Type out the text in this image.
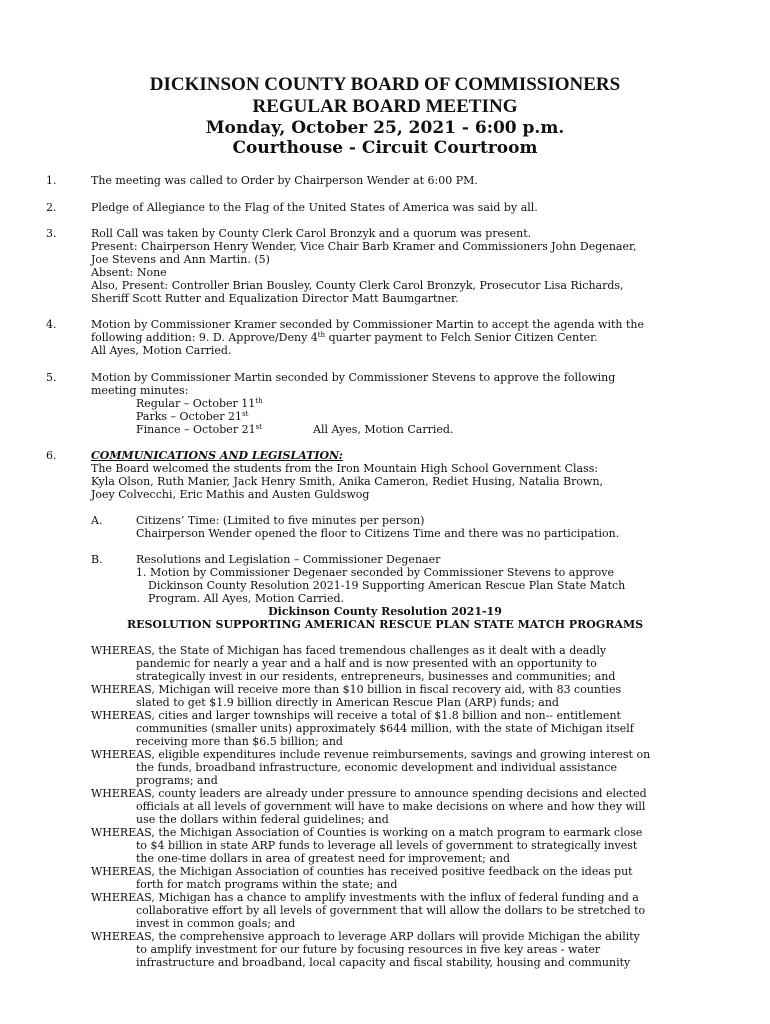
DICKINSON COUNTY BOARD OF COMMISSIONERS
REGULAR BOARD MEETING
Monday, October 25, 2021 - 6:00 p.m.
Courthouse - Circuit Courtroom
1.	The meeting was called to Order by Chairperson Wender at 6:00 PM.
2.	Pledge of Allegiance to the Flag of the United States of America was said by all.
3.	Roll Call was taken by County Clerk Carol Bronzyk and a quorum was present.
Present: Chairperson Henry Wender, Vice Chair Barb Kramer and Commissioners John Degenaer,
Joe Stevens and Ann Martin. (5)
Absent: None
Also, Present: Controller Brian Bousley, County Clerk Carol Bronzyk, Prosecutor Lisa Richards,
Sheriff Scott Rutter and Equalization Director Matt Baumgartner.
4.	Motion by Commissioner Kramer seconded by Commissioner Martin to accept the agenda with the
following addition: 9. D. Approve/Deny 4th quarter payment to Felch Senior Citizen Center.
All Ayes, Motion Carried.
5.	Motion by Commissioner Martin seconded by Commissioner Stevens to approve the following
meeting minutes:
Regular – October 11th
Parks – October 21st
Finance – October 21st	All Ayes, Motion Carried.
6.	COMMUNICATIONS AND LEGISLATION:
The Board welcomed the students from the Iron Mountain High School Government Class:
Kyla Olson, Ruth Manier, Jack Henry Smith, Anika Cameron, Rediet Husing, Natalia Brown,
Joey Colvecchi, Eric Mathis and Austen Guldswog
A.	Citizens’ Time: (Limited to five minutes per person)
Chairperson Wender opened the floor to Citizens Time and there was no participation.
B.	Resolutions and Legislation – Commissioner Degenaer
1. Motion by Commissioner Degenaer seconded by Commissioner Stevens to approve
Dickinson County Resolution 2021-19 Supporting American Rescue Plan State Match
Program. All Ayes, Motion Carried.
Dickinson County Resolution 2021-19
RESOLUTION SUPPORTING AMERICAN RESCUE PLAN STATE MATCH PROGRAMS
WHEREAS, the State of Michigan has faced tremendous challenges as it dealt with a deadly
pandemic for nearly a year and a half and is now presented with an opportunity to
strategically invest in our residents, entrepreneurs, businesses and communities; and
WHEREAS, Michigan will receive more than $10 billion in fiscal recovery aid, with 83 counties
slated to get $1.9 billion directly in American Rescue Plan (ARP) funds; and
WHEREAS, cities and larger townships will receive a total of $1.8 billion and non-- entitlement
communities (smaller units) approximately $644 million, with the state of Michigan itself
receiving more than $6.5 billion; and
WHEREAS, eligible expenditures include revenue reimbursements, savings and growing interest on
the funds, broadband infrastructure, economic development and individual assistance
programs; and
WHEREAS, county leaders are already under pressure to announce spending decisions and elected
officials at all levels of government will have to make decisions on where and how they will
use the dollars within federal guidelines; and
WHEREAS, the Michigan Association of Counties is working on a match program to earmark close
to $4 billion in state ARP funds to leverage all levels of government to strategically invest
the one-time dollars in area of greatest need for improvement; and
WHEREAS, the Michigan Association of counties has received positive feedback on the ideas put
forth for match programs within the state; and
WHEREAS, Michigan has a chance to amplify investments with the influx of federal funding and a
collaborative effort by all levels of government that will allow the dollars to be stretched to
invest in common goals; and
WHEREAS, the comprehensive approach to leverage ARP dollars will provide Michigan the ability
to amplify investment for our future by focusing resources in five key areas - water
infrastructure and broadband, local capacity and fiscal stability, housing and community
